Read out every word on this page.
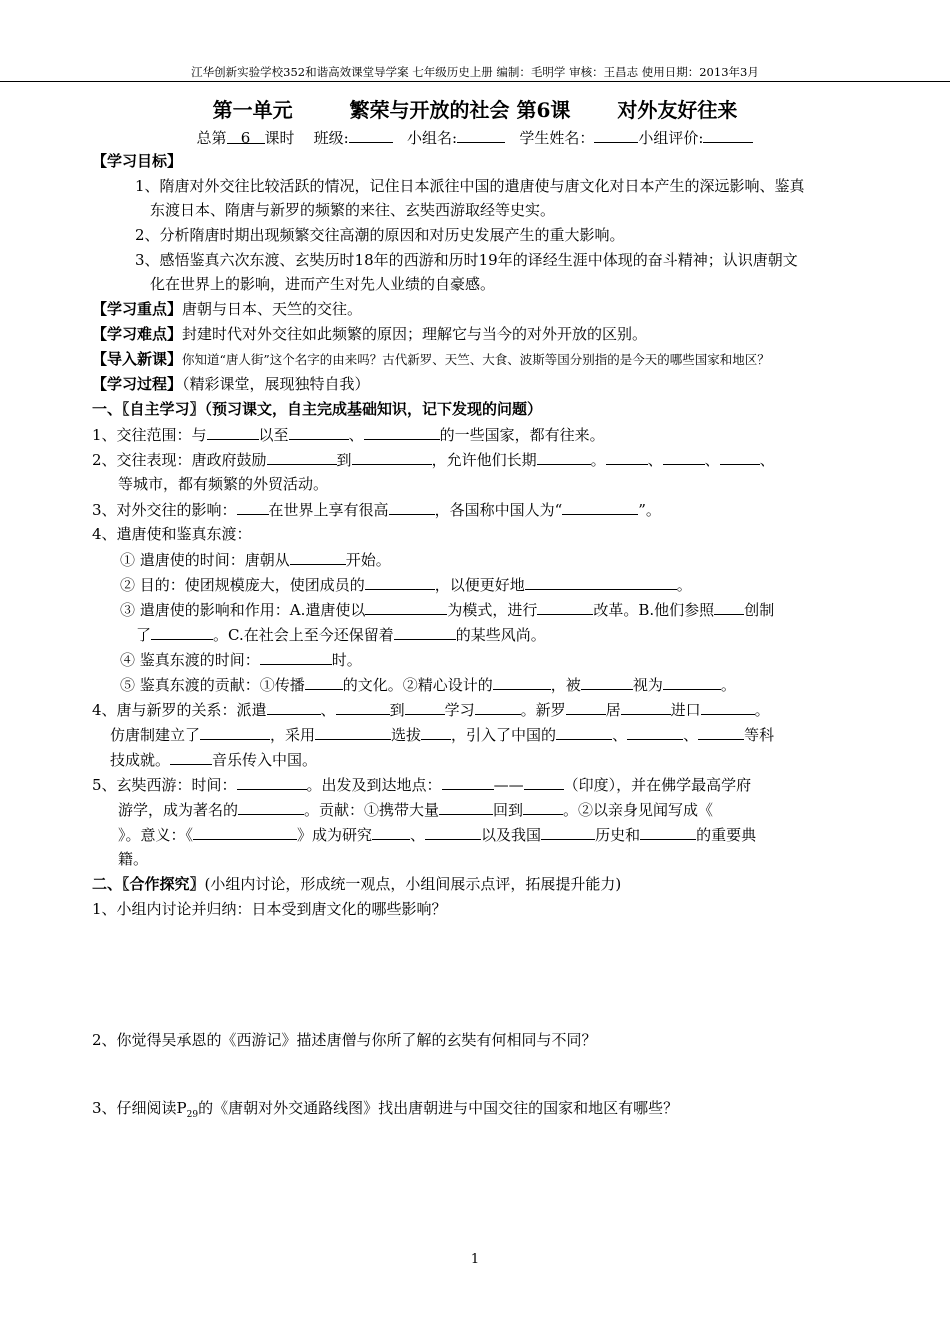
江华创新实验学校352和谐高效课堂导学案 七年级历史上册 编制：毛明学 审核：王昌志 使用日期：2013年3月
第一单元	繁荣与开放的社会 第6课 对外友好往来
总第 6 课时 班级:	小组名:	学生姓名：	小组评价:
【学习目标】
1、隋唐对外交往比较活跃的情况，记住日本派往中国的遣唐使与唐文化对日本产生的深远影响、鉴真
东渡日本、隋唐与新罗的频繁的来往、玄奘西游取经等史实。
2、分析隋唐时期出现频繁交往高潮的原因和对历史发展产生的重大影响。
3、感悟鉴真六次东渡、玄奘历时18年的西游和历时19年的译经生涯中体现的奋斗精神；认识唐朝文
化在世界上的影响，进而产生对先人业绩的自豪感。
【学习重点】唐朝与日本、天竺的交往。
【学习难点】封建时代对外交往如此频繁的原因；理解它与当今的对外开放的区别。
【导入新课】你知道“唐人街”这个名字的由来吗？古代新罗、天竺、大食、波斯等国分别指的是今天的哪些国家和地区？
【学习过程】（精彩课堂，展现独特自我）
一、〖自主学习〗（预习课文，自主完成基础知识，记下发现的问题）
1、交往范围：与	以至	、	的一些国家，都有往来。
2、交往表现：唐政府鼓励	到	，允许他们长期	。	、	、	、
等城市，都有频繁的外贸活动。
3、对外交往的影响： 在世界上享有很高	，各国称中国人为“	”。
4、遣唐使和鉴真东渡：
① 遣唐使的时间：唐朝从	开始。
② 目的：使团规模庞大，使团成员的	，以便更好地	。
③ 遣唐使的影响和作用：A.遣唐使以	为模式，进行	改革。B.他们参照 创制
了	。C.在社会上至今还保留着	的某些风尚。
④ 鉴真东渡的时间：	时。
⑤ 鉴真东渡的贡献：①传播	的文化。②精心设计的	，被	视为	。
4、唐与新罗的关系：派遣	、	到	学习	。新罗	居	进口	。
仿唐制建立了	，采用	选拔 ，引入了中国的	、	、	等科
技成就。	音乐传入中国。
5、玄奘西游：时间：	。出发及到达地点：	——	（印度），并在佛学最高学府
游学，成为著名的	。贡献：①携带大量	回到	。②以亲身见闻写成《
》。意义：《	》成为研究	、	以及我国	历史和	的重要典
籍。
二、〖合作探究〗(小组内讨论，形成统一观点，小组间展示点评，拓展提升能力)
1、小组内讨论并归纳：日本受到唐文化的哪些影响？
2、你觉得吴承恩的《西游记》描述唐僧与你所了解的玄奘有何相同与不同？
3、仔细阅读$P_{29}$的《唐朝对外交通路线图》找出唐朝进与中国交往的国家和地区有哪些？
1
